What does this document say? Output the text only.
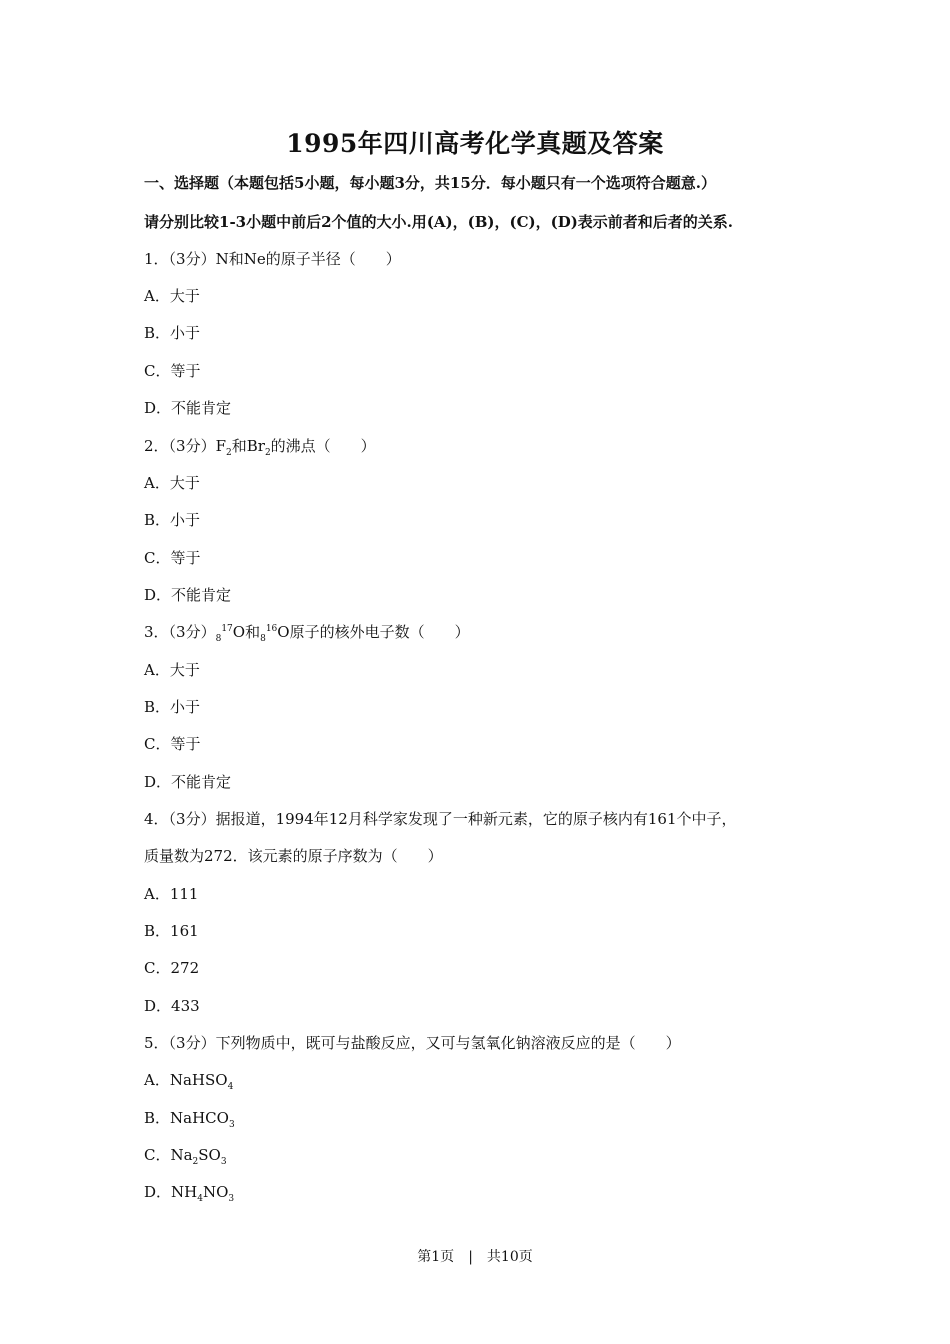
1995年四川高考化学真题及答案
一、选择题（本题包括5小题，每小题3分，共15分．每小题只有一个选项符合题意.）
请分别比较1-3小题中前后2个值的大小.用(A)，(B)，(C)，(D)表示前者和后者的关系.
1．（3分）N和Ne的原子半径（　　）
A．大于
B．小于
C．等于
D．不能肯定
2．（3分）$F_2$和$Br_2$的沸点（　　）
A．大于
B．小于
C．等于
D．不能肯定
3．（3分）$_8^{17}O$和$_8^{16}$O原子的核外电子数（　　）
A．大于
B．小于
C．等于
D．不能肯定
4．（3分）据报道，1994年12月科学家发现了一种新元素，它的原子核内有161个中子，
质量数为272．该元素的原子序数为（　　）
A．111
B．161
C．272
D．433
5．（3分）下列物质中，既可与盐酸反应，又可与氢氧化钠溶液反应的是（　　）
A．NaHSO$_4$
B．NaHCO$_3$
C．$Na_2SO_3$
D．$NH_4NO_3$
第1页 | 共10页
